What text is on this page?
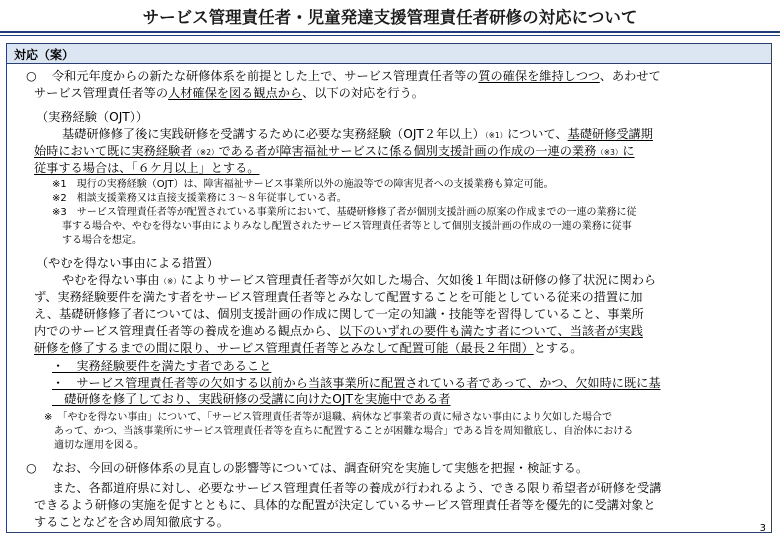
サービス管理責任者・児童発達支援管理責任者研修の対応について
対応（案）
○ 令和元年度からの新たな研修体系を前提とした上で、サービス管理責任者等の質の確保を維持しつつ、あわせて
サービス管理責任者等の人材確保を図る観点から、以下の対応を行う。
（実務経験（OJT））
基礎研修修了後に実践研修を受講するために必要な実務経験（OJT２年以上）（※1）について、基礎研修受講期
始時において既に実務経験者（※2）である者が障害福祉サービスに係る個別支援計画の作成の一連の業務（※3）に
従事する場合は、「６ケ月以上」とする。
※1　現行の実務経験（OJT）は、障害福祉サービス事業所以外の施設等での障害児者への支援業務も算定可能。
※2　相談支援業務又は直接支援業務に３～８年従事している者。
※3　サービス管理責任者等が配置されている事業所において、基礎研修修了者が個別支援計画の原案の作成までの一連の業務に従
　事する場合や、やむを得ない事由によりみなし配置されたサービス管理責任者等として個別支援計画の作成の一連の業務に従事
　する場合を想定。
（やむを得ない事由による措置）
やむを得ない事由（※）によりサービス管理責任者等が欠如した場合、欠如後１年間は研修の修了状況に関わら
ず、実務経験要件を満たす者をサービス管理責任者等とみなして配置することを可能としている従来の措置に加
え、基礎研修修了者については、個別支援計画の作成に関して一定の知識・技能等を習得していること、事業所
内でのサービス管理責任者等の養成を進める観点から、以下のいずれの要件も満たす者について、当該者が実践
研修を修了するまでの間に限り、サービス管理責任者等とみなして配置可能（最長２年間）とする。
・　実務経験要件を満たす者であること
・　サービス管理責任者等の欠如する以前から当該事業所に配置されている者であって、かつ、欠如時に既に基
　礎研修を修了しており、実践研修の受講に向けたOJTを実施中である者
※　「やむを得ない事由」について、「サービス管理責任者等が退職、病休など事業者の責に帰さない事由により欠如した場合で
　あって、かつ、当該事業所にサービス管理責任者等を直ちに配置することが困難な場合」である旨を周知徹底し、自治体における
　適切な運用を図る。
○ なお、今回の研修体系の見直しの影響等については、調査研究を実施して実態を把握・検証する。
また、各都道府県に対し、必要なサービス管理責任者等の養成が行われるよう、できる限り希望者が研修を受講
できるよう研修の実施を促すとともに、具体的な配置が決定しているサービス管理責任者等を優先的に受講対象と
することなどを含め周知徹底する。	3
